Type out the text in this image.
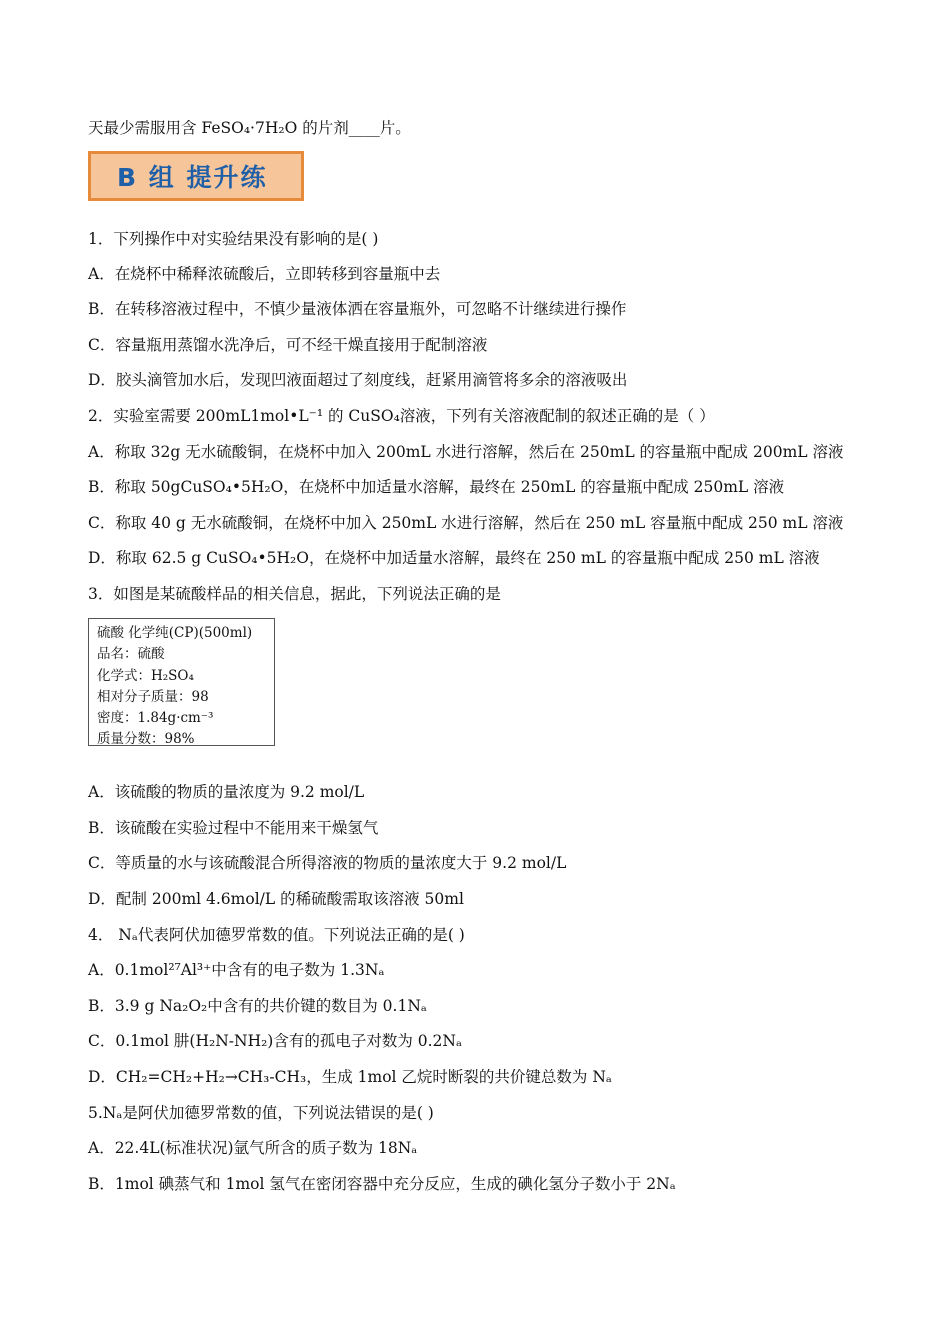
天最少需服用含 FeSO₄·7H₂O 的片剂____片。
B 组 提升练
1．下列操作中对实验结果没有影响的是( )
A．在烧杯中稀释浓硫酸后，立即转移到容量瓶中去
B．在转移溶液过程中，不慎少量液体洒在容量瓶外，可忽略不计继续进行操作
C．容量瓶用蒸馏水洗净后，可不经干燥直接用于配制溶液
D．胶头滴管加水后，发现凹液面超过了刻度线，赶紧用滴管将多余的溶液吸出
2．实验室需要 200mL1mol•L⁻¹ 的 CuSO₄溶液，下列有关溶液配制的叙述正确的是（ ）
A．称取 32g 无水硫酸铜，在烧杯中加入 200mL 水进行溶解，然后在 250mL 的容量瓶中配成 200mL 溶液
B．称取 50gCuSO₄•5H₂O，在烧杯中加适量水溶解，最终在 250mL 的容量瓶中配成 250mL 溶液
C．称取 40 g 无水硫酸铜，在烧杯中加入 250mL 水进行溶解，然后在 250 mL 容量瓶中配成 250 mL 溶液
D．称取 62.5 g CuSO₄•5H₂O，在烧杯中加适量水溶解，最终在 250 mL 的容量瓶中配成 250 mL 溶液
3．如图是某硫酸样品的相关信息，据此，下列说法正确的是
硫酸 化学纯(CP)(500ml)
品名：硫酸
化学式：H₂SO₄
相对分子质量：98
密度：1.84g·cm⁻³
质量分数：98%
A．该硫酸的物质的量浓度为 9.2 mol/L
B．该硫酸在实验过程中不能用来干燥氢气
C．等质量的水与该硫酸混合所得溶液的物质的量浓度大于 9.2 mol/L
D．配制 200ml 4.6mol/L 的稀硫酸需取该溶液 50ml
4． Nₐ代表阿伏加德罗常数的值。下列说法正确的是( )
A．0.1mol²⁷Al³⁺中含有的电子数为 1.3Nₐ
B．3.9 g Na₂O₂中含有的共价键的数目为 0.1Nₐ
C．0.1mol 肼(H₂N-NH₂)含有的孤电子对数为 0.2Nₐ
D．CH₂=CH₂+H₂→CH₃-CH₃，生成 1mol 乙烷时断裂的共价键总数为 Nₐ
5.Nₐ是阿伏加德罗常数的值，下列说法错误的是( )
A．22.4L(标准状况)氩气所含的质子数为 18Nₐ
B．1mol 碘蒸气和 1mol 氢气在密闭容器中充分反应，生成的碘化氢分子数小于 2Nₐ
